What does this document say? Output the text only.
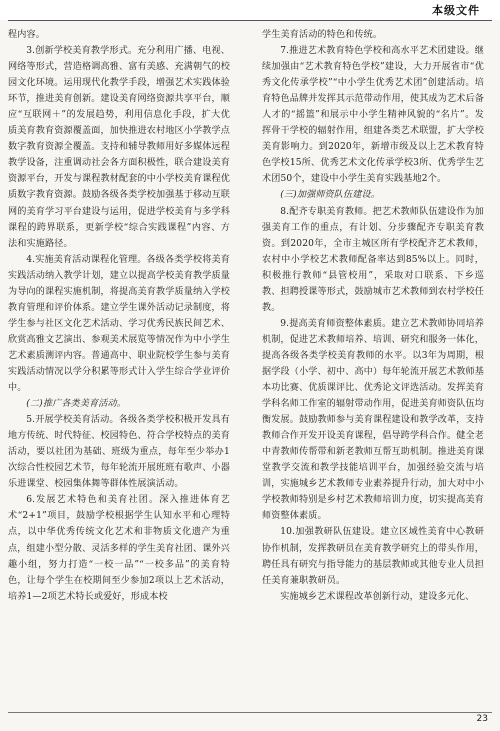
本级文件

程内容。

3.创新学校美育教学形式。充分利用广播、电视、网络等形式，营造格调高雅、富有美感、充满朝气的校园文化环境。运用现代化教学手段，增强艺术实践体验环节，推进美育创新。建设美育网络资源共享平台，顺应“互联网＋”的发展趋势，利用信息化手段，扩大优质美育教育资源覆盖面，加快推进农村地区小学教学点数字教育资源全覆盖。支持和辅导教师用好多媒体远程教学设备，注重调动社会各方面积极性，联合建设美育资源平台，开发与课程教材配套的中小学校美育课程优质数字教育资源。鼓励各级各类学校加强基于移动互联网的美育学习平台建设与运用，促进学校美育与多学科课程的跨界联系，更新学校“综合实践课程”内容、方法和实施路径。

4.实施美育活动课程化管理。各级各类学校将美育实践活动纳入教学计划，建立以提高学校美育教学质量为导向的课程实施机制，将提高美育教学质量纳入学校教育管理和评价体系。建立学生课外活动记录制度，将学生参与社区文化艺术活动、学习优秀民族民间艺术、欣赏高雅文艺演出、参观美术展览等情况作为中小学生艺术素质测评内容。普通高中、职业院校学生参与美育实践活动情况以学分积累等形式计入学生综合学业评价中。

(二)推广各类美育活动。

5.开展学校美育活动。各级各类学校积极开发具有地方传统、时代特征、校园特色、符合学校特点的美育活动，要以社团为基础、班级为重点，每年至少举办1次综合性校园艺术节，每年轮流开展班班有歌声、小器乐进课堂、校园集体舞等群体性展演活动。

6.发展艺术特色和美育社团。深入推进体育艺术“2+1”项目，鼓励学校根据学生认知水平和心理特点，以中华优秀传统文化艺术和非物质文化遗产为重点，组建小型分散、灵活多样的学生美育社团、课外兴趣小组，努力打造“一校一品”“一校多品”的美育特色，让每个学生在校期间至少参加2项以上艺术活动，培养1—2项艺术特长或爱好，形成本校

学生美育活动的特色和传统。

7.推进艺术教育特色学校和高水平艺术团建设。继续加强由“艺术教育特色学校”建设，大力开展省市“优秀文化传承学校”“中小学生优秀艺术团”创建活动。培育特色品牌并发挥其示范带动作用，使其成为艺术后备人才的“摇篮”和展示中小学生精神风貌的“名片”。发挥骨干学校的辐射作用，组建各类艺术联盟，扩大学校美育影响力。到2020年，新增市级及以上艺术教育特色学校15所、优秀艺术文化传承学校3所、优秀学生艺术团50个，建设中小学生美育实践基地2个。

(三)加强师资队伍建设。

8.配齐专职美育教师。把艺术教师队伍建设作为加强美育工作的重点，有计划、分步骤配齐专职美育教资。到2020年，全市主城区所有学校配齐艺术教师，农村中小学校艺术教师配备率达到85%以上。同时，积极推行教师“县管校用”，采取对口联系、下乡巡教、担聘授课等形式，鼓励城市艺术教师到农村学校任教。

9.提高美育师资整体素质。建立艺术教师协同培养机制，促进艺术教师培养、培训、研究和服务一体化，提高各级各类学校美育教师的水平。以3年为周期，根据学段（小学、初中、高中）每年轮流开展艺术教师基本功比赛、优质课评比、优秀论文评选活动。发挥美育学科名师工作室的辐射带动作用，促进美育师资队伍均衡发展。鼓励教师参与美育课程建设和教学改革，支持教师合作开发开设美育课程，倡导跨学科合作。健全老中青教师传帮带和新老教师互帮互助机制。推进美育课堂教学交流和教学技能培训平台，加强经验交流与培训，实施城乡艺术教师专业素养提升行动，加大对中小学校教师特别是乡村艺术教师培训力度，切实提高美育师资整体素质。

10.加强教研队伍建设。建立区域性美育中心教研协作机制，发挥教研员在美育教学研究上的带头作用，聘任具有研究与指导能力的基层教师或其他专业人员担任美育兼职教研员。

实施城乡艺术课程改革创新行动，建设多元化、

23
